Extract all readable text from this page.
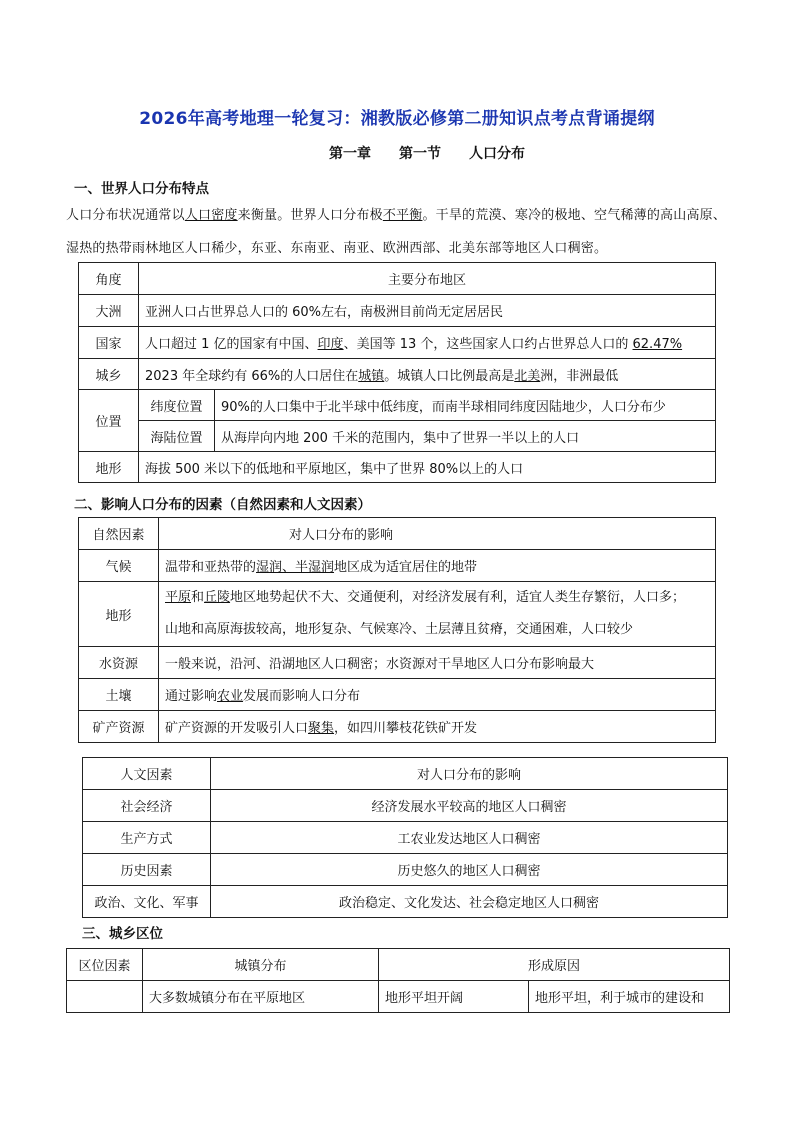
2026年高考地理一轮复习：湘教版必修第二册知识点考点背诵提纲
第一章 第一节 人口分布
一、世界人口分布特点
人口分布状况通常以人口密度来衡量。世界人口分布极不平衡。干旱的荒漠、寒冷的极地、空气稀薄的高山高原、湿热的热带雨林地区人口稀少，东亚、东南亚、南亚、欧洲西部、北美东部等地区人口稠密。
角度	主要分布地区	
大洲	亚洲人口占世界总人口的 60%左右，南极洲目前尚无定居居民	
国家	人口超过 1 亿的国家有中国、印度、美国等 13 个，这些国家人口约占世界总人口的 62.47%	
城乡	2023 年全球约有 66%的人口居住在城镇。城镇人口比例最高是北美洲，非洲最低	
位置	纬度位置	90%的人口集中于北半球中低纬度，而南半球相同纬度因陆地少，人口分布少
	海陆位置	从海岸向内地 200 千米的范围内，集中了世界一半以上的人口
地形	海拔 500 米以下的低地和平原地区，集中了世界 80%以上的人口	
二、影响人口分布的因素（自然因素和人文因素）
自然因素	对人口分布的影响
气候	温带和亚热带的湿润、半湿润地区成为适宜居住的地带
地形	平原和丘陵地区地势起伏不大、交通便利，对经济发展有利，适宜人类生存繁衍，人口多；
山地和高原海拔较高，地形复杂、气候寒冷、土层薄且贫瘠，交通困难，人口较少
水资源	一般来说，沿河、沿湖地区人口稠密；水资源对干旱地区人口分布影响最大
土壤	通过影响农业发展而影响人口分布
矿产资源	矿产资源的开发吸引人口聚集，如四川攀枝花铁矿开发
人文因素	对人口分布的影响
社会经济	经济发展水平较高的地区人口稠密
生产方式	工农业发达地区人口稠密
历史因素	历史悠久的地区人口稠密
政治、文化、军事	政治稳定、文化发达、社会稳定地区人口稠密
三、城乡区位
区位因素	城镇分布	形成原因	
	大多数城镇分布在平原地区	地形平坦开阔	地形平坦，利于城市的建设和
